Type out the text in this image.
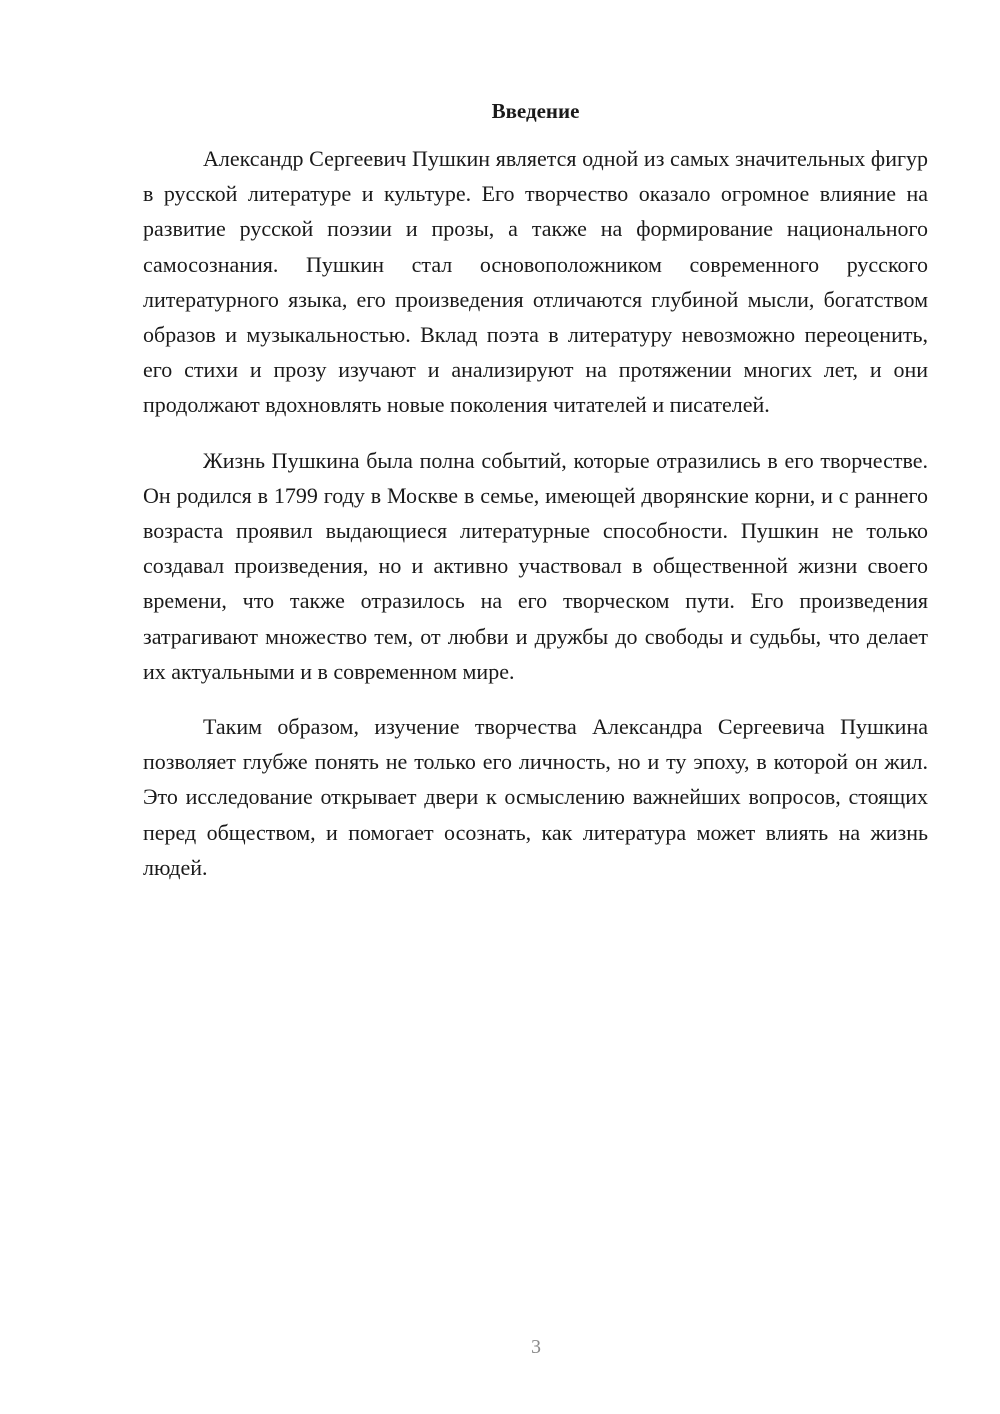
Введение

Александр Сергеевич Пушкин является одной из самых значительных фигур в русской литературе и культуре. Его творчество оказало огромное влияние на развитие русской поэзии и прозы, а также на формирование национального самосознания. Пушкин стал основоположником современного русского литературного языка, его произведения отличаются глубиной мысли, богатством образов и музыкальностью. Вклад поэта в литературу невозможно переоценить, его стихи и прозу изучают и анализируют на протяжении многих лет, и они продолжают вдохновлять новые поколения читателей и писателей.

Жизнь Пушкина была полна событий, которые отразились в его творчестве. Он родился в 1799 году в Москве в семье, имеющей дворянские корни, и с раннего возраста проявил выдающиеся литературные способности. Пушкин не только создавал произведения, но и активно участвовал в общественной жизни своего времени, что также отразилось на его творческом пути. Его произведения затрагивают множество тем, от любви и дружбы до свободы и судьбы, что делает их актуальными и в современном мире.

Таким образом, изучение творчества Александра Сергеевича Пушкина позволяет глубже понять не только его личность, но и ту эпоху, в которой он жил. Это исследование открывает двери к осмыслению важнейших вопросов, стоящих перед обществом, и помогает осознать, как литература может влиять на жизнь людей.

3
